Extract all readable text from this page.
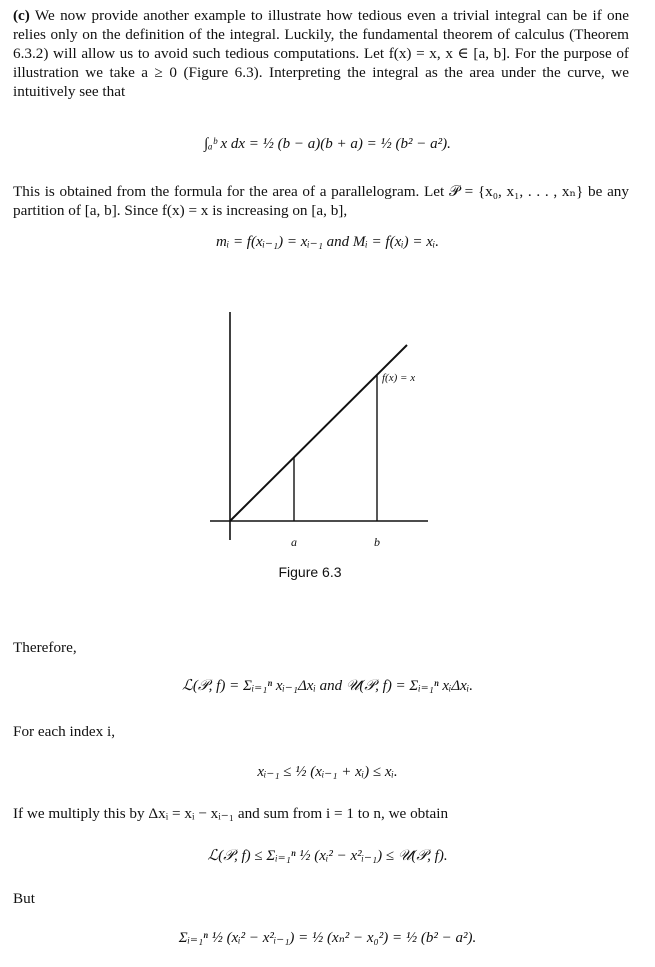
(c) We now provide another example to illustrate how tedious even a trivial integral can be if one relies only on the definition of the integral. Luckily, the fundamental theorem of calculus (Theorem 6.3.2) will allow us to avoid such tedious computations. Let f(x) = x, x ∈ [a, b]. For the purpose of illustration we take a ≥ 0 (Figure 6.3). Interpreting the integral as the area under the curve, we intuitively see that
∫ₐᵇ x dx = ½ (b − a)(b + a) = ½ (b² − a²).
This is obtained from the formula for the area of a parallelogram. Let 𝒫 = {x₀, x₁, . . . , xₙ} be any partition of [a, b]. Since f(x) = x is increasing on [a, b],
mᵢ = f(xᵢ₋₁) = xᵢ₋₁ and Mᵢ = f(xᵢ) = xᵢ.
f(x) = x
a	b
Figure 6.3
Therefore,
ℒ(𝒫, f) = Σᵢ₌₁ⁿ xᵢ₋₁Δxᵢ and 𝒰(𝒫, f) = Σᵢ₌₁ⁿ xᵢΔxᵢ.
For each index i,
xᵢ₋₁ ≤ ½ (xᵢ₋₁ + xᵢ) ≤ xᵢ.
If we multiply this by Δxᵢ = xᵢ − xᵢ₋₁ and sum from i = 1 to n, we obtain
ℒ(𝒫, f) ≤ Σᵢ₌₁ⁿ ½ (xᵢ² − x²ᵢ₋₁) ≤ 𝒰(𝒫, f).
But
Σᵢ₌₁ⁿ ½ (xᵢ² − x²ᵢ₋₁) = ½ (xₙ² − x₀²) = ½ (b² − a²).
